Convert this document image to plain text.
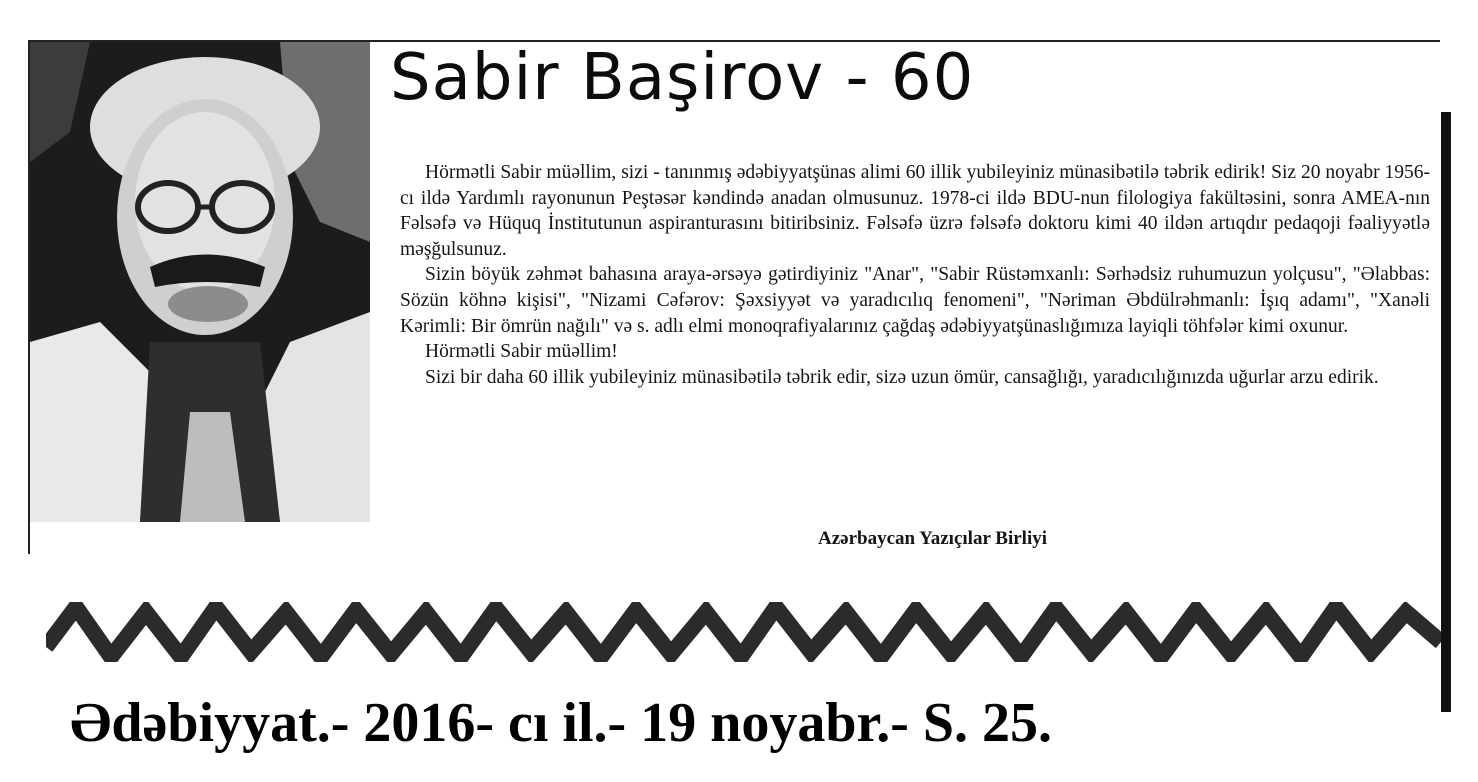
Sabir Başirov - 60

Hörmətli Sabir müəllim, sizi - tanınmış ədəbiyyatşünas alimi 60 illik yubileyiniz münasibətilə təbrik edirik! Siz 20 noyabr 1956-cı ildə Yardımlı rayonunun Peştəsər kəndində anadan olmusunuz. 1978-ci ildə BDU-nun filologiya fakültəsini, sonra AMEA-nın Fəlsəfə və Hüquq İnstitutunun aspiranturasını bitiribsiniz. Fəlsəfə üzrə fəlsəfə doktoru kimi 40 ildən artıqdır pedaqoji fəaliyyətlə məşğulsunuz.

Sizin böyük zəhmət bahasına araya-ərsəyə gətirdiyiniz "Anar", "Sabir Rüstəmxanlı: Sərhədsiz ruhumuzun yolçusu", "Əlabbas: Sözün köhnə kişisi", "Nizami Cəfərov: Şəxsiyyət və yaradıcılıq fenomeni", "Nəriman Əbdülrəhmanlı: İşıq adamı", "Xanəli Kərimli: Bir ömrün nağılı" və s. adlı elmi monoqrafiyalarınız çağdaş ədəbiyyatşünaslığımıza layiqli töhfələr kimi oxunur.

Hörmətli Sabir müəllim!

Sizi bir daha 60 illik yubileyiniz münasibətilə təbrik edir, sizə uzun ömür, cansağlığı, yaradıcılığınızda uğurlar arzu edirik.

Azərbaycan Yazıçılar Birliyi
Ədəbiyyat.- 2016- cı il.- 19 noyabr.- S. 25.
